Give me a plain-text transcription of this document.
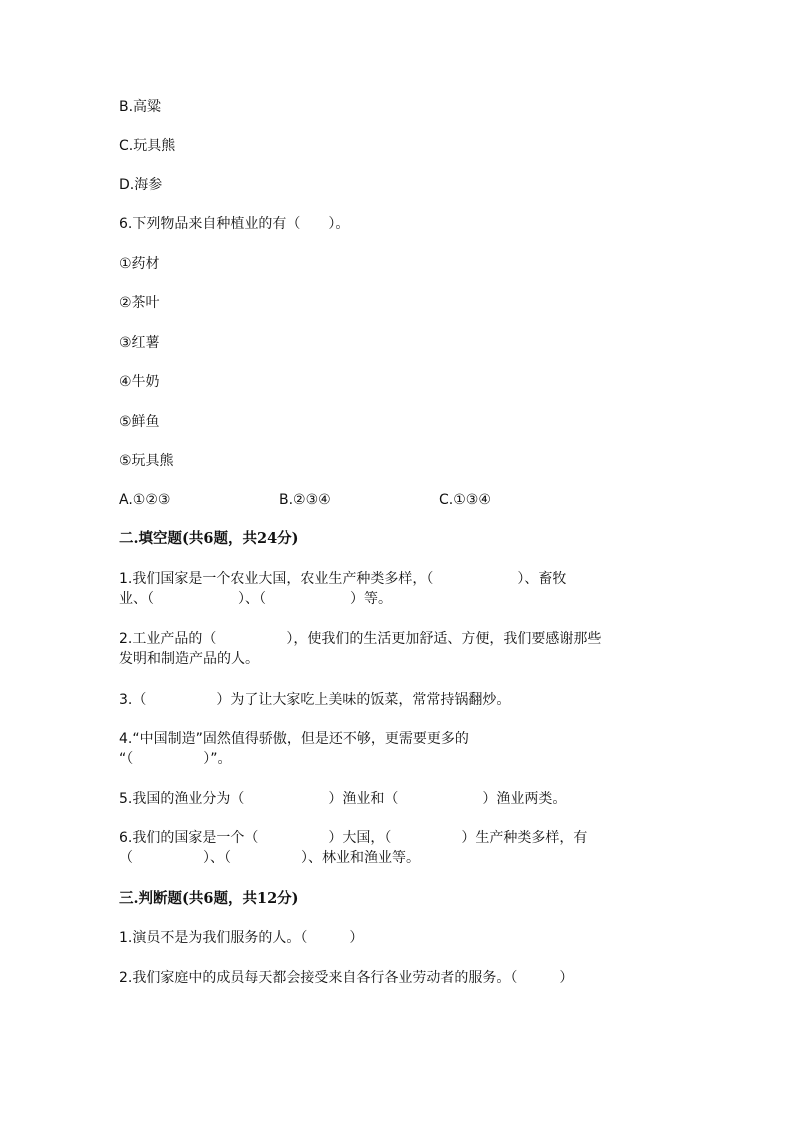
B.高粱

C.玩具熊

D.海参

6.下列物品来自种植业的有（　　）。

①药材

②茶叶

③红薯

④牛奶

⑤鲜鱼

⑤玩具熊

A.①②③	B.②③④	C.①③④

二.填空题(共6题，共24分)

1.我们国家是一个农业大国，农业生产种类多样，（　　　　　　）、畜牧

业、（　　　　　　）、（　　　　　　）等。

2.工业产品的（　　　　　），使我们的生活更加舒适、方便，我们要感谢那些

发明和制造产品的人。

3.（　　　　　）为了让大家吃上美味的饭菜，常常持锅翻炒。

4.“中国制造”固然值得骄傲，但是还不够，更需要更多的

“（　　　　　）”。

5.我国的渔业分为（　　　　　　）渔业和（　　　　　　）渔业两类。

6.我们的国家是一个（　　　　　）大国，（　　　　　）生产种类多样，有

（　　　　　）、（　　　　　）、林业和渔业等。

三.判断题(共6题，共12分)

1.演员不是为我们服务的人。（　　　）

2.我们家庭中的成员每天都会接受来自各行各业劳动者的服务。（　　　）
